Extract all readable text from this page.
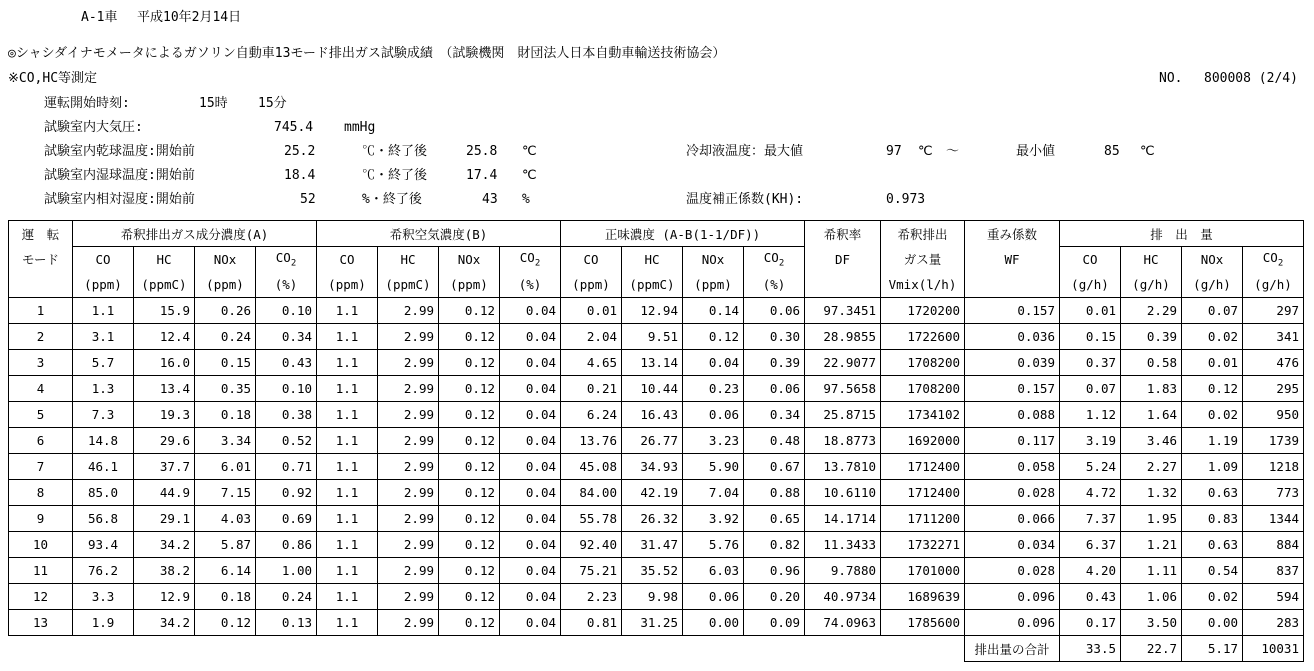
A-1車 平成10年2月14日
◎シャシダイナモメータによるガソリン自動車13モード排出ガス試験成績　（試験機関　財団法人日本自動車輸送技術協会）
※CO,HC等測定	NO. 800008 (2/4)
運転開始時刻:	15時 15分
試験室内大気圧:	745.4 mmHg
試験室内乾球温度:開始前	25.2	℃・終了後	25.8 ℃
試験室内湿球温度:開始前	18.4	℃・終了後	17.4 ℃
試験室内相対湿度:開始前	52	%・終了後	43 %
冷却液温度：最大値	97 ℃ ～	最小値	85 ℃
温度補正係数(KH):	0.973
運　転	希釈排出ガス成分濃度(A)				希釈空気濃度(B)				正味濃度 (A-B(1-1/DF))				希釈率	希釈排出	重み係数	排　出　量			
モード	CO	HC	NOx	$CO_2$	CO	HC	NOx	$CO_2$	CO	HC	NOx	$CO_2$	DF	ガス量	WF	CO	HC	NOx	$CO_2$
	(ppm)	(ppmC)	(ppm)	(%)	(ppm)	(ppmC)	(ppm)	(%)	(ppm)	(ppmC)	(ppm)	(%)		Vmix(l/h)		(g/h)	(g/h)	(g/h)	(g/h)
1	1.1	15.9	0.26	0.10	1.1	2.99	0.12	0.04	0.01	12.94	0.14	0.06	97.3451	1720200	0.157	0.01	2.29	0.07	297
2	3.1	12.4	0.24	0.34	1.1	2.99	0.12	0.04	2.04	9.51	0.12	0.30	28.9855	1722600	0.036	0.15	0.39	0.02	341
3	5.7	16.0	0.15	0.43	1.1	2.99	0.12	0.04	4.65	13.14	0.04	0.39	22.9077	1708200	0.039	0.37	0.58	0.01	476
4	1.3	13.4	0.35	0.10	1.1	2.99	0.12	0.04	0.21	10.44	0.23	0.06	97.5658	1708200	0.157	0.07	1.83	0.12	295
5	7.3	19.3	0.18	0.38	1.1	2.99	0.12	0.04	6.24	16.43	0.06	0.34	25.8715	1734102	0.088	1.12	1.64	0.02	950
6	14.8	29.6	3.34	0.52	1.1	2.99	0.12	0.04	13.76	26.77	3.23	0.48	18.8773	1692000	0.117	3.19	3.46	1.19	1739
7	46.1	37.7	6.01	0.71	1.1	2.99	0.12	0.04	45.08	34.93	5.90	0.67	13.7810	1712400	0.058	5.24	2.27	1.09	1218
8	85.0	44.9	7.15	0.92	1.1	2.99	0.12	0.04	84.00	42.19	7.04	0.88	10.6110	1712400	0.028	4.72	1.32	0.63	773
9	56.8	29.1	4.03	0.69	1.1	2.99	0.12	0.04	55.78	26.32	3.92	0.65	14.1714	1711200	0.066	7.37	1.95	0.83	1344
10	93.4	34.2	5.87	0.86	1.1	2.99	0.12	0.04	92.40	31.47	5.76	0.82	11.3433	1732271	0.034	6.37	1.21	0.63	884
11	76.2	38.2	6.14	1.00	1.1	2.99	0.12	0.04	75.21	35.52	6.03	0.96	9.7880	1701000	0.028	4.20	1.11	0.54	837
12	3.3	12.9	0.18	0.24	1.1	2.99	0.12	0.04	2.23	9.98	0.06	0.20	40.9734	1689639	0.096	0.43	1.06	0.02	594
13	1.9	34.2	0.12	0.13	1.1	2.99	0.12	0.04	0.81	31.25	0.00	0.09	74.0963	1785600	0.096	0.17	3.50	0.00	283
															排出量の合計	33.5	22.7	5.17	10031
